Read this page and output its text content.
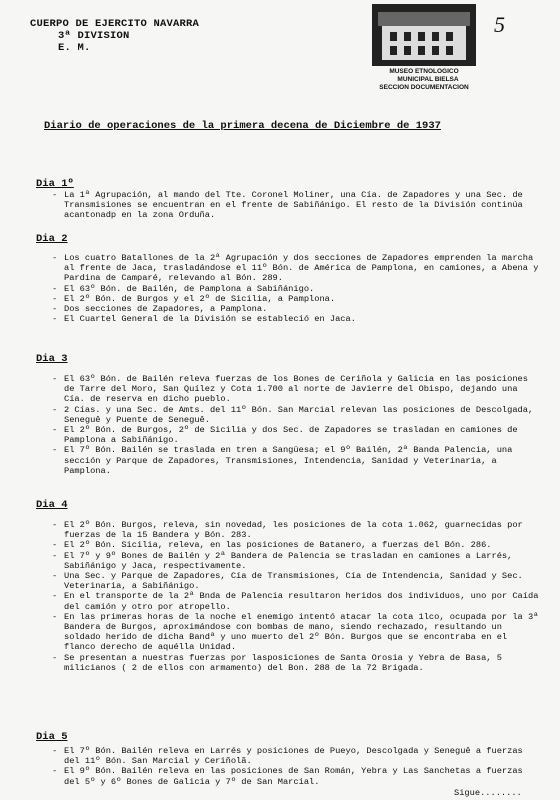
CUERPO DE EJERCITO NAVARRA
3ª DIVISION
E. M.
MUSEO ETNOLOGICO
MUNICIPAL BIELSA
SECCION DOCUMENTACION
5
Diario de operaciones de la primera decena de Diciembre de 1937
Dia 1º
- La 1ª Agrupación, al mando del Tte. Coronel Moliner, una Cía. de Zapadores y una Sec. de Transmisiones se encuentran en el frente de Sabiñánigo. El resto de la División continúa acantonadp en la zona Orduña.
Dia 2
- Los cuatro Batallones de la 2ª Agrupación y dos secciones de Zapadores emprenden la marcha al frente de Jaca, trasladándose el 11º Bón. de América de Pamplona, en camiones, a Abena y Pardina de Camparé, relevando al Bón. 289.
- El 63º Bón. de Bailén, de Pamplona a Sabiñánigo.
- El 2º Bón. de Burgos y el 2º de Sicilia, a Pamplona.
- Dos secciones de Zapadores, a Pamplona.
- El Cuartel General de la División se estableció en Jaca.
Dia 3
- El 63º Bón. de Bailén releva fuerzas de los Bones de Ceriñola y Galicia en las posiciones de Tarre del Moro, San Quílez y Cota 1.700 al norte de Javierre del Obispo, dejando una Cía. de reserva en dicho pueblo.
- 2 Cías. y una Sec. de Amts. del 11º Bón. San Marcial relevan las posiciones de Descolgada, Seneguê y Puente de Seneguê.
- El 2º Bón. de Burgos, 2º de Sicilia y dos Sec. de Zapadores se trasladan en camiones de Pamplona a Sabiñánigo.
- El 7º Bón. Bailén se traslada en tren a Sangüesa; el 9º Bailén, 2ª Banda Palencia, una sección y Parque de Zapadores, Transmisiones, Intendencia, Sanidad y Veterinaria, a Pamplona.
Dia 4
- El 2º Bón. Burgos, releva, sin novedad, les posiciones de la cota 1.062, guarnecidas por fuerzas de la 15 Bandera y Bón. 283.
- El 2º Bón. Sicilia, releva, en las posiciones de Batanero, a fuerzas del Bón. 286.
- El 7º y 9º Bones de Bailén y 2ª Bandera de Palencia se trasladan en camiones a Larrés, Sabiñánigo y Jaca, respectivamente.
- Una Sec. y Parque de Zapadores, Cía de Transmisiones, Cía de Intendencia, Sanidad y Sec. Veterinaria, a Sabiñánigo.
- En el transporte de la 2ª Bnda de Palencia resultaron heridos dos individuos, uno por Caída del camión y otro por atropello.
- En las primeras horas de la noche el enemigo intentó atacar la cota 1lco, ocupada por la 3ª Bandera de Burgos, aproximándose con bombas de mano, siendo rechazado, resultando un soldado herido de dicha Bandª y uno muerto del 2º Bón. Burgos que se encontraba en el flanco derecho de aquélla Unidad.
- Se presentan a nuestras fuerzas por lasposiciones de Santa Orosia y Yebra de Basa, 5 milicianos ( 2 de ellos con armamento) del Bon. 288 de la 72 Brigada.
Dia 5
- El 7º Bón. Bailén releva en Larrés y posiciones de Pueyo, Descolgada y Seneguê a fuerzas del 11º Bón. San Marcial y Ceriñolã.
- El 9º Bón. Bailén releva en las posiciones de San Román, Yebra y Las Sanchetas a fuerzas del 5º y 6º Bones de Galicia y 7º de San Marcial.
Sigue........
